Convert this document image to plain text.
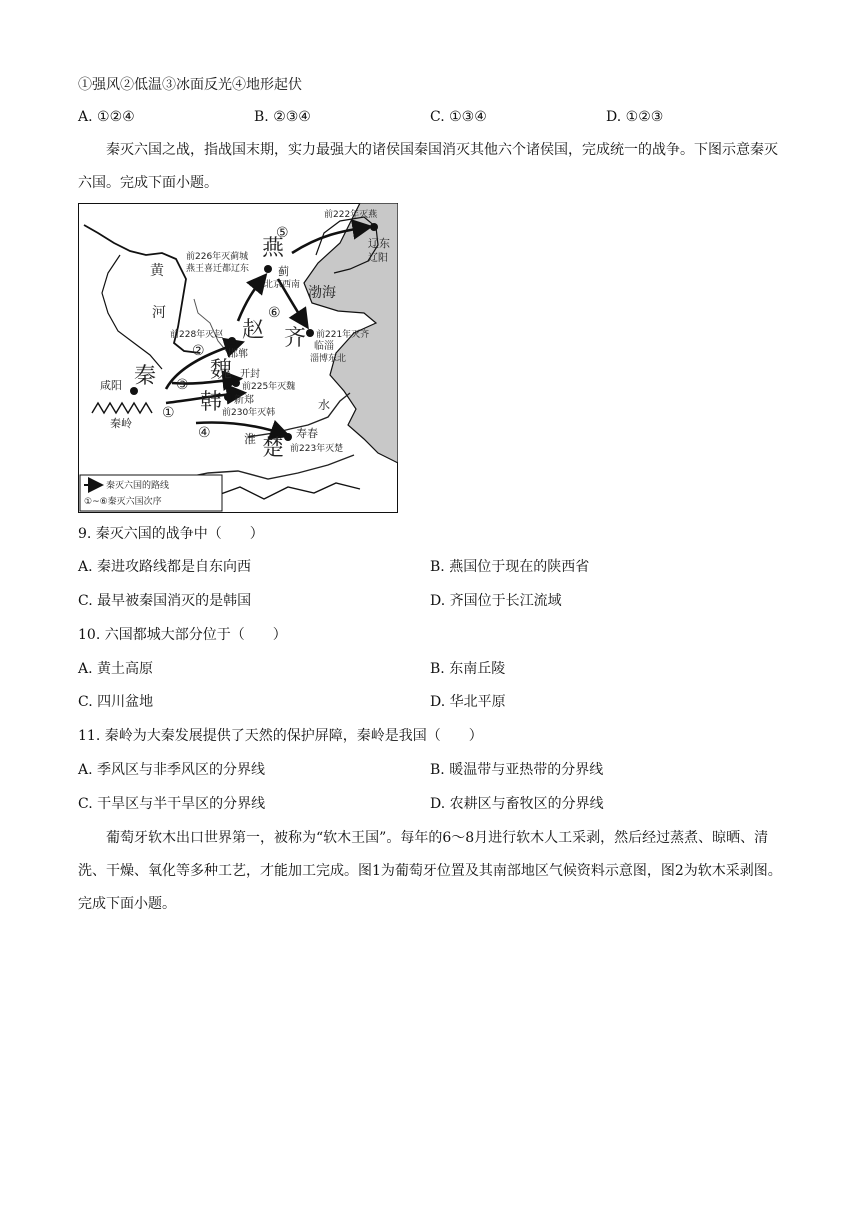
①强风②低温③冰面反光④地形起伏
A. ①②④	B. ②③④	C. ①③④	D. ①②③
秦灭六国之战，指战国末期，实力最强大的诸侯国秦国消灭其他六个诸侯国，完成统一的战争。下图示意秦灭六国。完成下面小题。
燕
赵 齐
魏
秦
韩
楚
黄
河
渤海
水
淮
秦岭
咸阳
蓟
北京西南
辽东
辽阳
邯郸
临淄
淄博东北
开封
新郑
寿春
前222年灭燕
前226年灭蓟城
燕王喜迁都辽东
前228年灭赵	前221年灭齐
前225年灭魏
前230年灭韩
前223年灭楚
①
②
③
④
⑤
⑥
秦灭六国的路线
①~⑥秦灭六国次序
9. 秦灭六国的战争中（　　）
A. 秦进攻路线都是自东向西	B. 燕国位于现在的陕西省
C. 最早被秦国消灭的是韩国	D. 齐国位于长江流域
10. 六国都城大部分位于（　　）
A. 黄土高原	B. 东南丘陵
C. 四川盆地	D. 华北平原
11. 秦岭为大秦发展提供了天然的保护屏障，秦岭是我国（　　）
A. 季风区与非季风区的分界线	B. 暖温带与亚热带的分界线
C. 干旱区与半干旱区的分界线	D. 农耕区与畜牧区的分界线
葡萄牙软木出口世界第一，被称为“软木王国”。每年的6～8月进行软木人工采剥，然后经过蒸煮、晾晒、清洗、干燥、氧化等多种工艺，才能加工完成。图1为葡萄牙位置及其南部地区气候资料示意图，图2为软木采剥图。完成下面小题。
